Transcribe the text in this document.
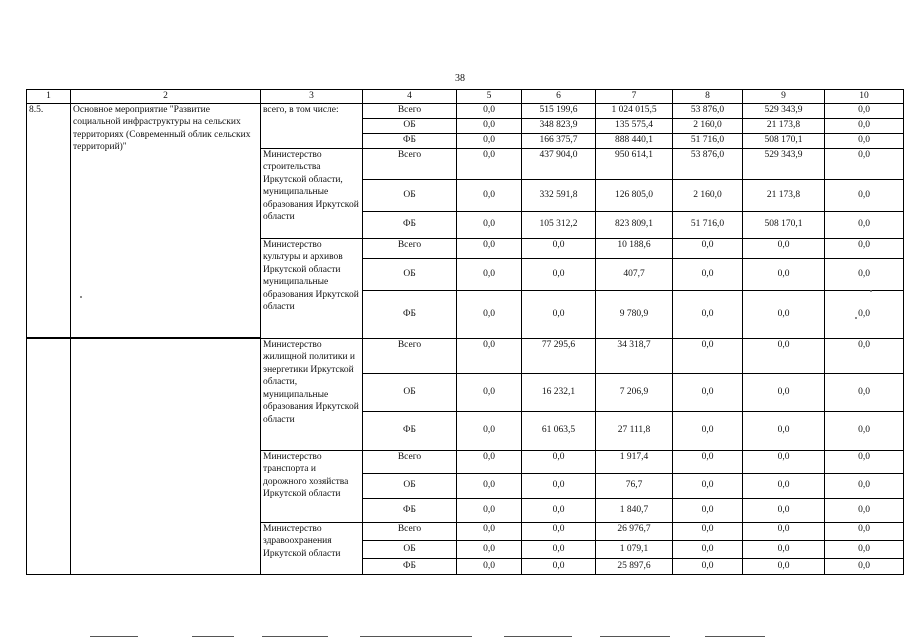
38
1	2	3	4	5	6	7	8	9	10
8.5.	Основное мероприятие "Развитие социальной инфраструктуры на сельских территориях (Современный облик сельских территорий)"	всего, в том числе:	Всего	0,0	515 199,6	1 024 015,5	53 876,0	529 343,9	0,0
			ОБ	0,0	348 823,9	135 575,4	2 160,0	21 173,8	0,0
			ФБ	0,0	166 375,7	888 440,1	51 716,0	508 170,1	0,0
		Министерство строительства Иркутской области, муниципальные образования Иркутской области	Всего	0,0	437 904,0	950 614,1	53 876,0	529 343,9	0,0
			ОБ	0,0	332 591,8	126 805,0	2 160,0	21 173,8	0,0
			ФБ	0,0	105 312,2	823 809,1	51 716,0	508 170,1	0,0
		Министерство культуры и архивов Иркутской области муниципальные образования Иркутской области	Всего	0,0	0,0	10 188,6	0,0	0,0	0,0
			ОБ	0,0	0,0	407,7	0,0	0,0	0,0
			ФБ	0,0	0,0	9 780,9	0,0	0,0	0,0
		Министерство жилищной политики и энергетики Иркутской области, муниципальные образования Иркутской области	Всего	0,0	77 295,6	34 318,7	0,0	0,0	0,0
			ОБ	0,0	16 232,1	7 206,9	0,0	0,0	0,0
			ФБ	0,0	61 063,5	27 111,8	0,0	0,0	0,0
		Министерство транспорта и дорожного хозяйства Иркутской области	Всего	0,0	0,0	1 917,4	0,0	0,0	0,0
			ОБ	0,0	0,0	76,7	0,0	0,0	0,0
			ФБ	0,0	0,0	1 840,7	0,0	0,0	0,0
		Министерство здравоохранения Иркутской области	Всего	0,0	0,0	26 976,7	0,0	0,0	0,0
			ОБ	0,0	0,0	1 079,1	0,0	0,0	0,0
			ФБ	0,0	0,0	25 897,6	0,0	0,0	0,0
